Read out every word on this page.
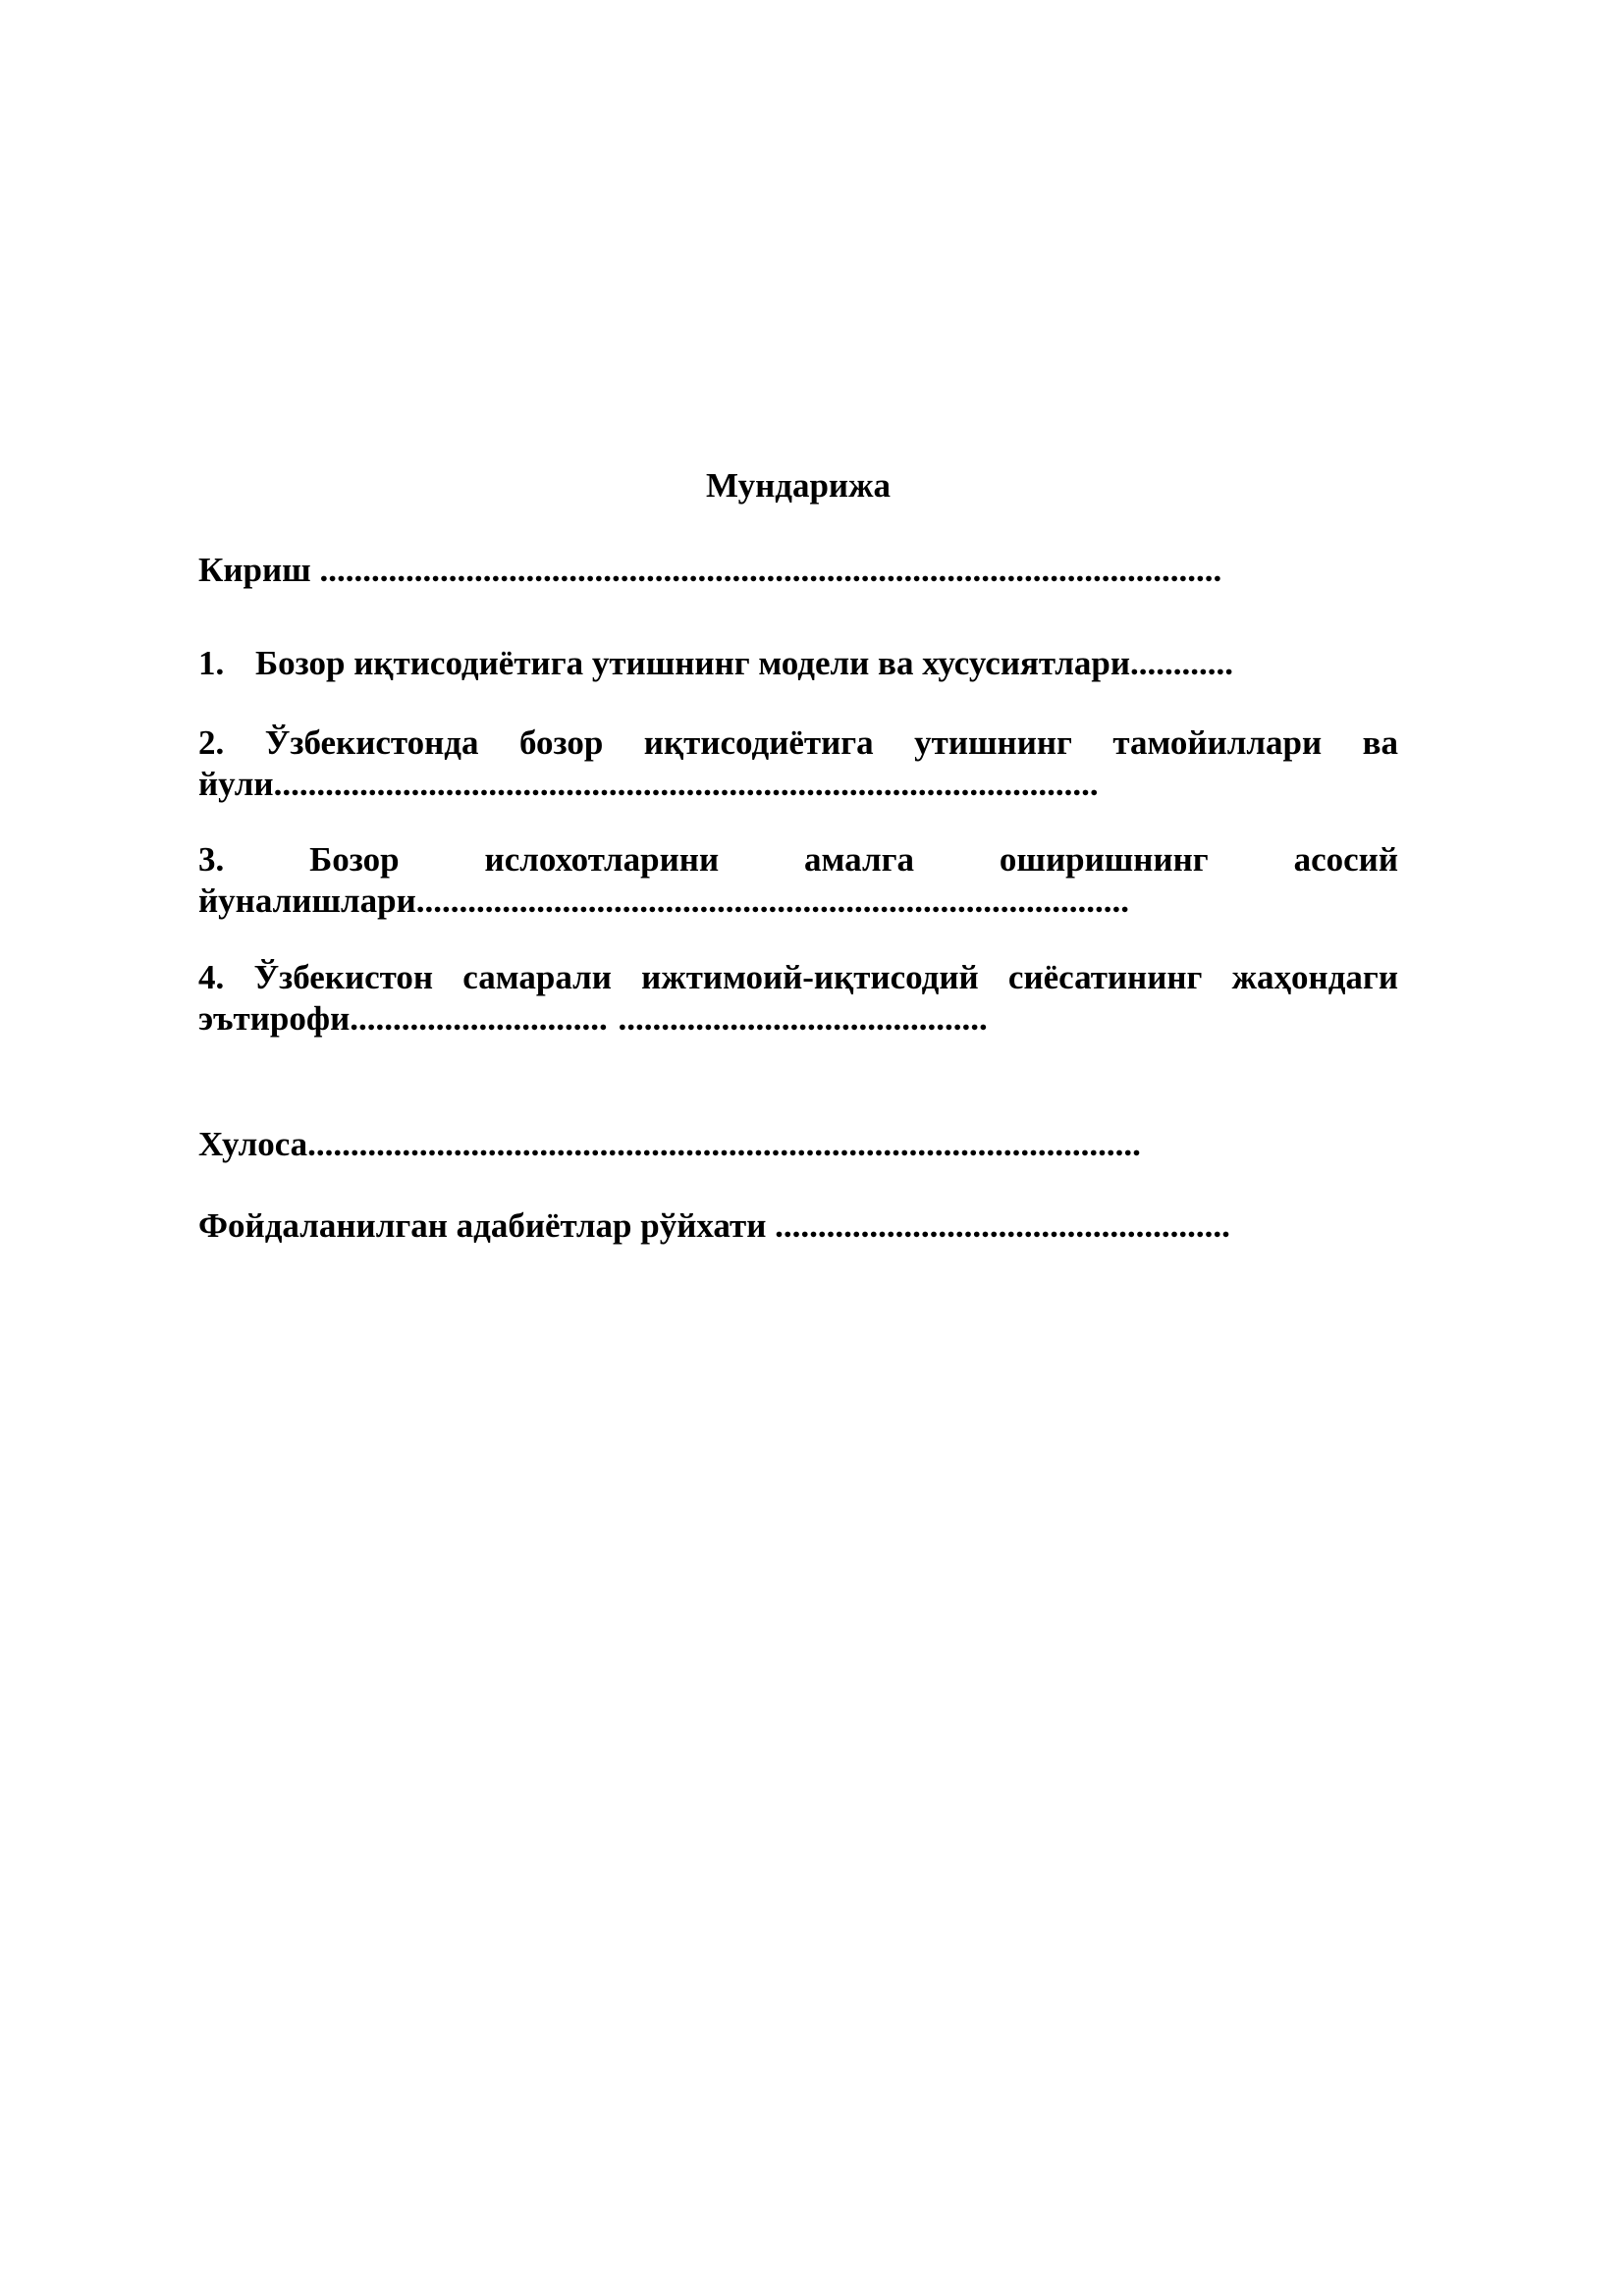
Мундарижа
Кириш .........................................................................................................
1. Бозор иқтисодиётига утишнинг модели ва хусусиятлари............
2. Ўзбекистонда бозор иқтисодиётига утишнинг тамойиллари ва йули................................................................................................
3. Бозор ислохотларини амалга оширишнинг асосий йуналишлари...................................................................................
4. Ўзбекистон самарали ижтимоий-иқтисодий сиёсатининг жаҳондаги эътирофи.............................. ...........................................
Хулоса.................................................................................................
Фойдаланилган адабиётлар рўйхати .....................................................
